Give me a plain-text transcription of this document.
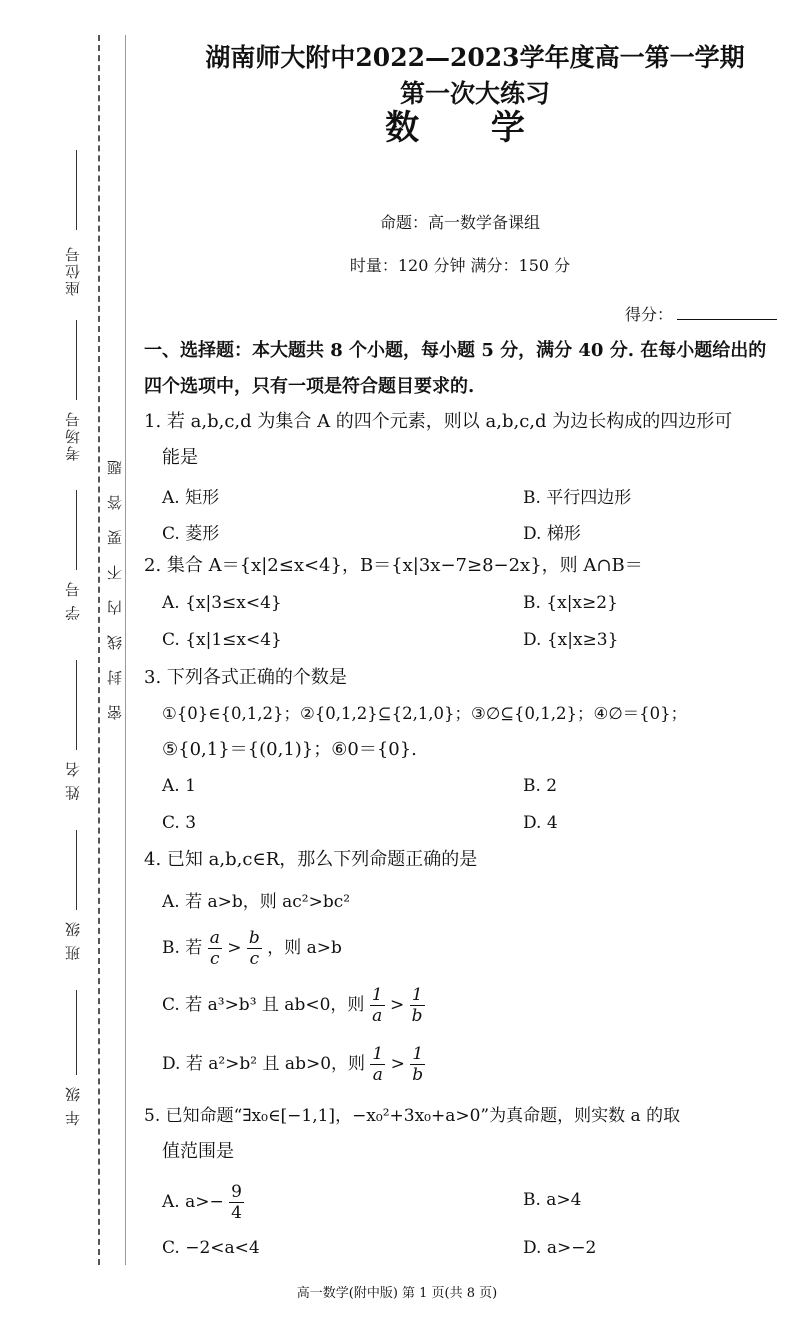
座位号
考场号
学 号
姓 名
班 级
年 级
密封线内不要答题
湖南师大附中2022—2023学年度高一第一学期第一次大练习
数 学
命题：高一数学备课组
时量：120 分钟 满分：150 分
得分：
一、选择题：本大题共 8 个小题，每小题 5 分，满分 40 分. 在每小题给出的
四个选项中，只有一项是符合题目要求的.
1. 若 a,b,c,d 为集合 A 的四个元素，则以 a,b,c,d 为边长构成的四边形可
能是
A. 矩形	B. 平行四边形
C. 菱形	D. 梯形
2. 集合 A＝{x|2≤x<4}，B＝{x|3x−7≥8−2x}，则 A∩B＝
A. {x|3≤x<4}	B. {x|x≥2}
C. {x|1≤x<4}	D. {x|x≥3}
3. 下列各式正确的个数是
①{0}∈{0,1,2}；②{0,1,2}⊆{2,1,0}；③∅⊆{0,1,2}；④∅＝{0}；
⑤{0,1}＝{(0,1)}；⑥0＝{0}.
A. 1	B. 2
C. 3	D. 4
4. 已知 a,b,c∈R，那么下列命题正确的是
A. 若 a>b，则 ac²>bc²
B. 若 $\frac{a}{c} > \frac{b}{c}$ ，则 a>b
C. 若 a³>b³ 且 ab<0，则 $\frac{1}{a} > \frac{1}{b}$
D. 若 a²>b² 且 ab>0，则 $\frac{1}{a} > \frac{1}{b}$
5. 已知命题“∃x₀∈[−1,1]，−x₀²+3x₀+a>0”为真命题，则实数 a 的取
值范围是
A. $a>- \frac{9}{4}$	B. a>4
C. −2<a<4	D. a>−2
高一数学(附中版) 第 1 页(共 8 页)
